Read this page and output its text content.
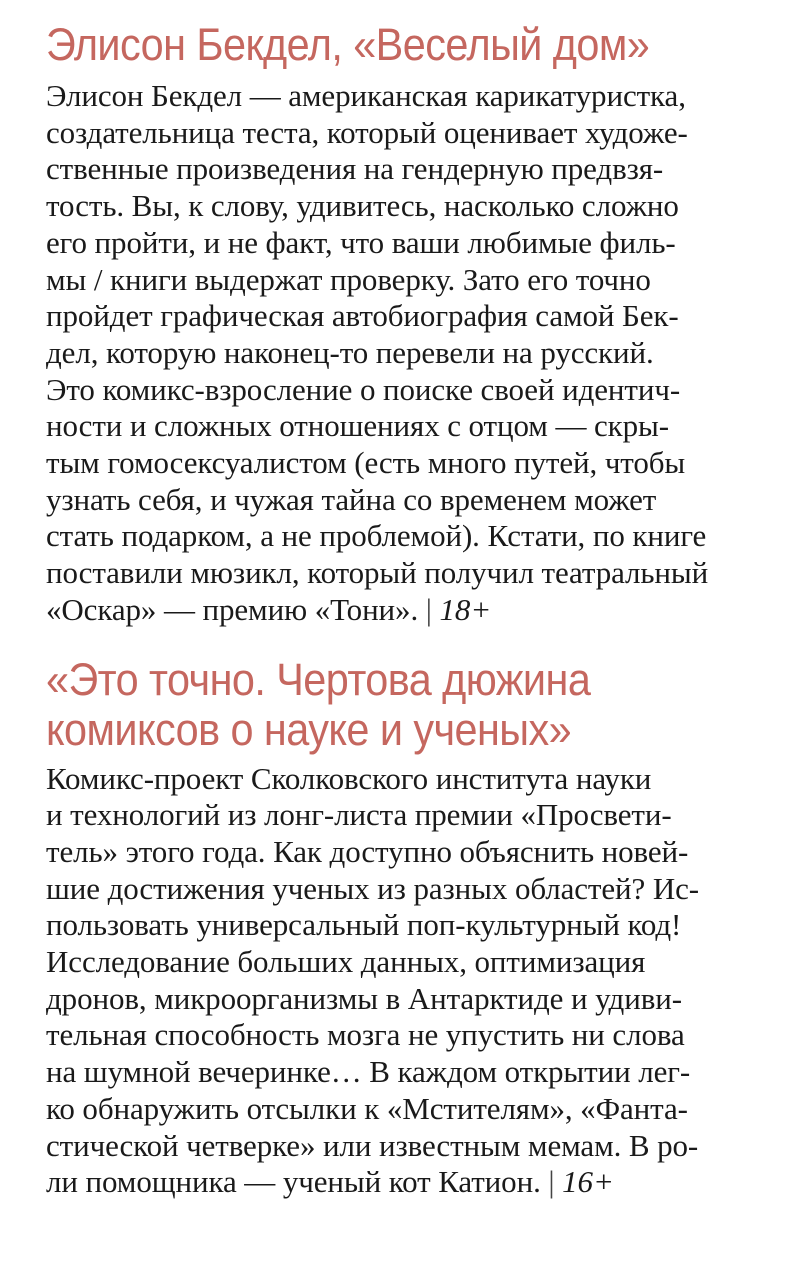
Элисон Бекдел, «Веселый дом»

Элисон Бекдел — американская карикатуристка,
создательница теста, который оценивает художе-
ственные произведения на гендерную предвзя-
тость. Вы, к слову, удивитесь, насколько сложно
его пройти, и не факт, что ваши любимые филь-
мы / книги выдержат проверку. Зато его точно
пройдет графическая автобиография самой Бек-
дел, которую наконец-то перевели на русский.
Это комикс-взросление о поиске своей идентич-
ности и сложных отношениях с отцом — скры-
тым гомосексуалистом (есть много путей, чтобы
узнать себя, и чужая тайна со временем может
стать подарком, а не проблемой). Кстати, по книге
поставили мюзикл, который получил театральный
«Оскар» — премию «Тони». | 18+

«Это точно. Чертова дюжина
комиксов о науке и ученых»

Комикс-проект Сколковского института науки
и технологий из лонг-листа премии «Просвети-
тель» этого года. Как доступно объяснить новей-
шие достижения ученых из разных областей? Ис-
пользовать универсальный поп-культурный код!
Исследование больших данных, оптимизация
дронов, микроорганизмы в Антарктиде и удиви-
тельная способность мозга не упустить ни слова
на шумной вечеринке… В каждом открытии лег-
ко обнаружить отсылки к «Мстителям», «Фанта-
стической четверке» или известным мемам. В ро-
ли помощника — ученый кот Катион. | 16+
